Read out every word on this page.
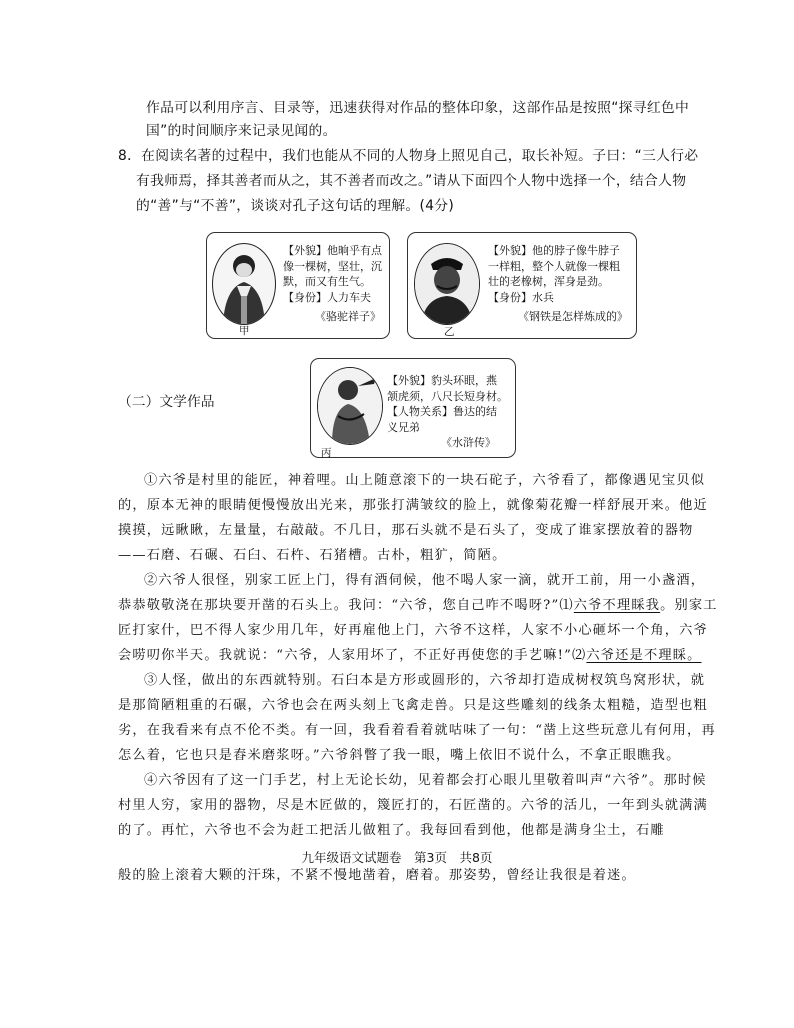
作品可以利用序言、目录等，迅速获得对作品的整体印象，这部作品是按照“探寻红色中
国”的时间顺序来记录见闻的。
8．在阅读名著的过程中，我们也能从不同的人物身上照见自己，取长补短。子曰：“三人行必
有我师焉，择其善者而从之，其不善者而改之。”请从下面四个人物中选择一个，结合人物
的“善”与“不善”，谈谈对孔子这句话的理解。(4分)
甲
【外貌】他晌乎有点
像一棵树，坚壮，沉
默，而又有生气。
【身份】人力车夫
《骆驼祥子》
乙
【外貌】他的脖子像牛脖子
一样粗，整个人就像一棵粗
壮的老橡树，浑身是劲。
【身份】水兵
《钢铁是怎样炼成的》
（二）文学作品
丙
【外貌】豹头环眼，燕
颔虎须，八尺长短身材。
【人物关系】鲁达的结
义兄弟
《水浒传》
①六爷是村里的能匠，神着哩。山上随意滚下的一块石砣子，六爷看了，都像遇见宝贝似
的，原本无神的眼睛便慢慢放出光来，那张打满皱纹的脸上，就像菊花瓣一样舒展开来。他近
摸摸，远瞅瞅，左量量，右敲敲。不几日，那石头就不是石头了，变成了谁家摆放着的器物
——石磨、石碾、石臼、石杵、石猪槽。古朴，粗犷，简陋。
②六爷人很怪，别家工匠上门，得有酒伺候，他不喝人家一滴，就开工前，用一小盏酒，
恭恭敬敬浇在那块要开凿的石头上。我问：“六爷，您自己咋不喝呀?”⑴六爷不理睬我。别家工
匠打家什，巴不得人家少用几年，好再雇他上门，六爷不这样，人家不小心砸坏一个角，六爷
会唠叨你半天。我就说：“六爷，人家用坏了，不正好再使您的手艺嘛!”⑵六爷还是不理睬。
③人怪，做出的东西就特别。石臼本是方形或圆形的，六爷却打造成树杈筑鸟窝形状，就
是那简陋粗重的石碾，六爷也会在两头刻上飞禽走兽。只是这些雕刻的线条太粗糙，造型也粗
劣，在我看来有点不伦不类。有一回，我看着看着就咕味了一句：“凿上这些玩意儿有何用，再
怎么着，它也只是舂米磨浆呀。”六爷斜瞥了我一眼，嘴上依旧不说什么，不拿正眼瞧我。
④六爷因有了这一门手艺，村上无论长幼，见着都会打心眼儿里敬着叫声“六爷”。那时候
村里人穷，家用的器物，尽是木匠做的，篾匠打的，石匠凿的。六爷的活儿，一年到头就满满
的了。再忙，六爷也不会为赶工把活儿做粗了。我每回看到他，他都是满身尘土，石雕
九年级语文试题卷　第3页　共8页
般的脸上滚着大颗的汗珠，不紧不慢地凿着，磨着。那姿势，曾经让我很是着迷。
